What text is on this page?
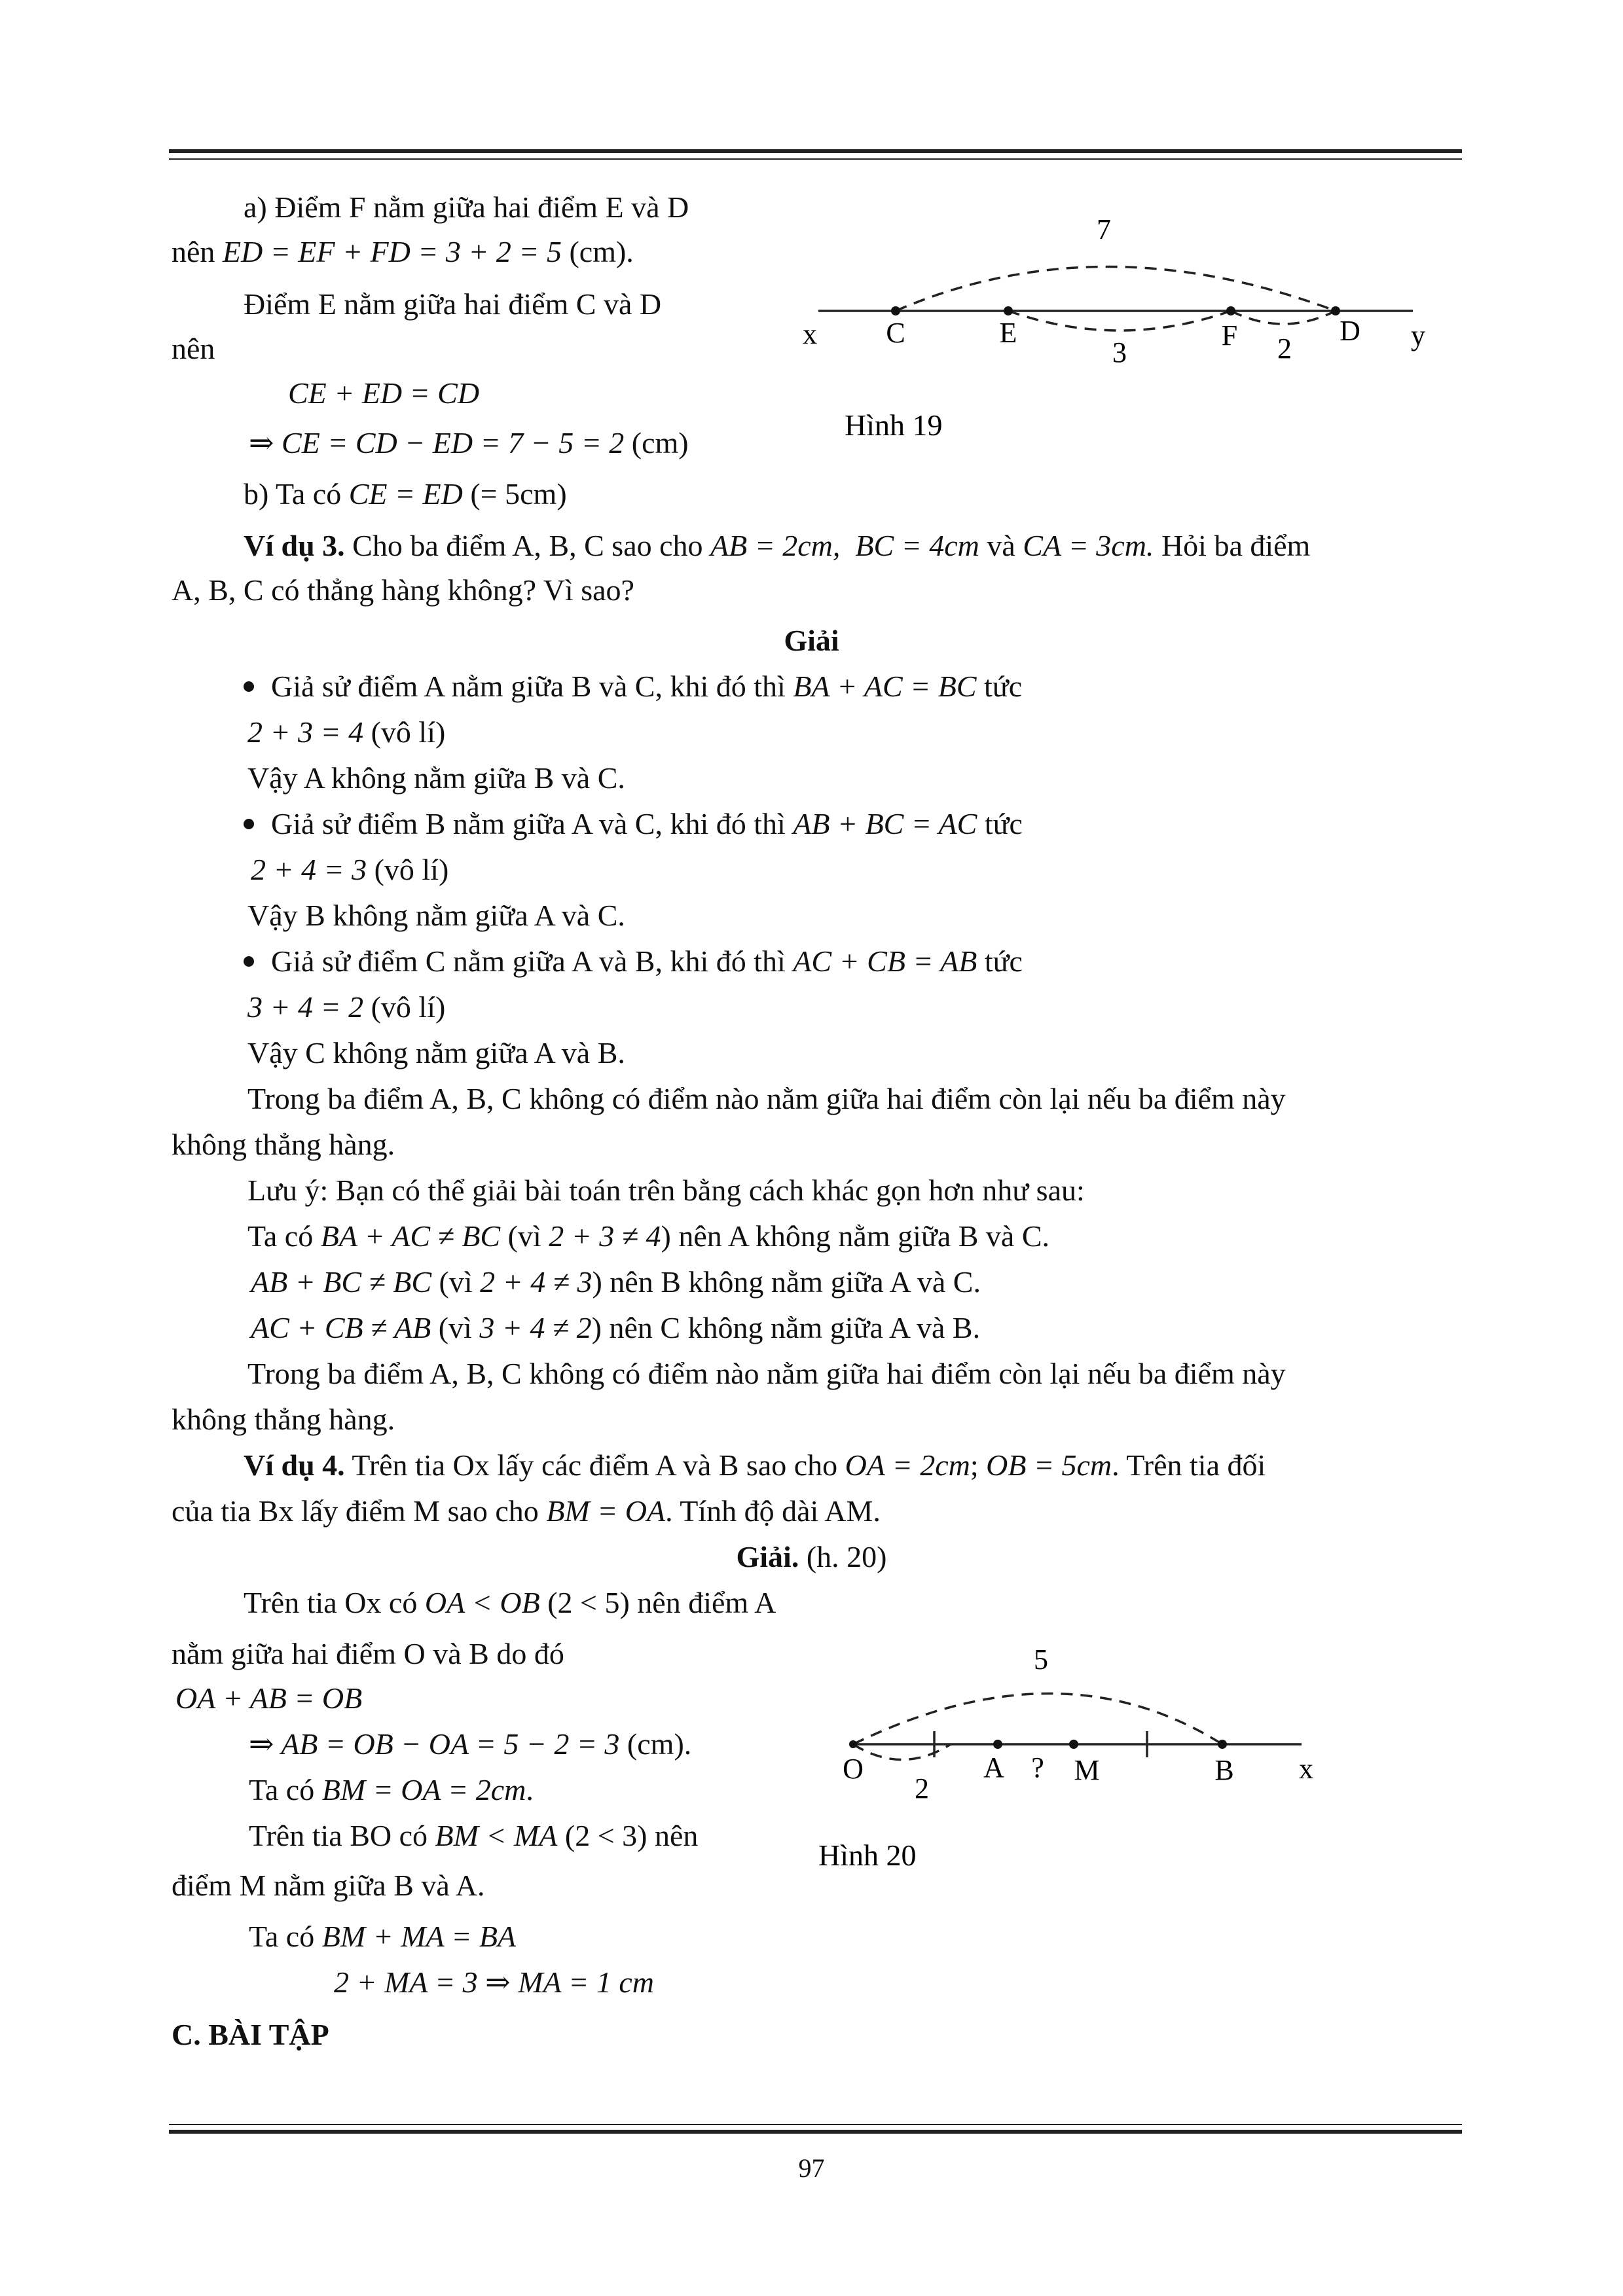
a) Điểm F nằm giữa hai điểm E và D
nên ED = EF + FD = 3 + 2 = 5 (cm).
Điểm E nằm giữa hai điểm C và D
nên
CE + ED = CD
⇒ CE = CD − ED = 7 − 5 = 2 (cm)
b) Ta có CE = ED (= 5cm)
7
x C	E
3
F 2
D y
Hình 19
Ví dụ 3. Cho ba điểm A, B, C sao cho AB = 2cm, BC = 4cm và CA = 3cm. Hỏi ba điểm
A, B, C có thẳng hàng không? Vì sao?
Giải
Giả sử điểm A nằm giữa B và C, khi đó thì BA + AC = BC tức
2 + 3 = 4 (vô lí)
Vậy A không nằm giữa B và C.
Giả sử điểm B nằm giữa A và C, khi đó thì AB + BC = AC tức
2 + 4 = 3 (vô lí)
Vậy B không nằm giữa A và C.
Giả sử điểm C nằm giữa A và B, khi đó thì AC + CB = AB tức
3 + 4 = 2 (vô lí)
Vậy C không nằm giữa A và B.
Trong ba điểm A, B, C không có điểm nào nằm giữa hai điểm còn lại nếu ba điểm này
không thẳng hàng.
Lưu ý: Bạn có thể giải bài toán trên bằng cách khác gọn hơn như sau:
Ta có BA + AC ≠ BC (vì 2 + 3 ≠ 4) nên A không nằm giữa B và C.
AB + BC ≠ BC (vì 2 + 4 ≠ 3) nên B không nằm giữa A và C.
AC + CB ≠ AB (vì 3 + 4 ≠ 2) nên C không nằm giữa A và B.
Trong ba điểm A, B, C không có điểm nào nằm giữa hai điểm còn lại nếu ba điểm này
không thẳng hàng.
Ví dụ 4. Trên tia Ox lấy các điểm A và B sao cho OA = 2cm; OB = 5cm. Trên tia đối
của tia Bx lấy điểm M sao cho BM = OA. Tính độ dài AM.
Giải. (h. 20)
Trên tia Ox có OA < OB (2 < 5) nên điểm A
nằm giữa hai điểm O và B do đó
OA + AB = OB
⇒ AB = OB − OA = 5 − 2 = 3 (cm).
Ta có BM = OA = 2cm.
Trên tia BO có BM < MA (2 < 3) nên
điểm M nằm giữa B và A.
Ta có BM + MA = BA
2 + MA = 3 ⇒ MA = 1 cm
C. BÀI TẬP
5
O	A ? M	B x
2
Hình 20
97
